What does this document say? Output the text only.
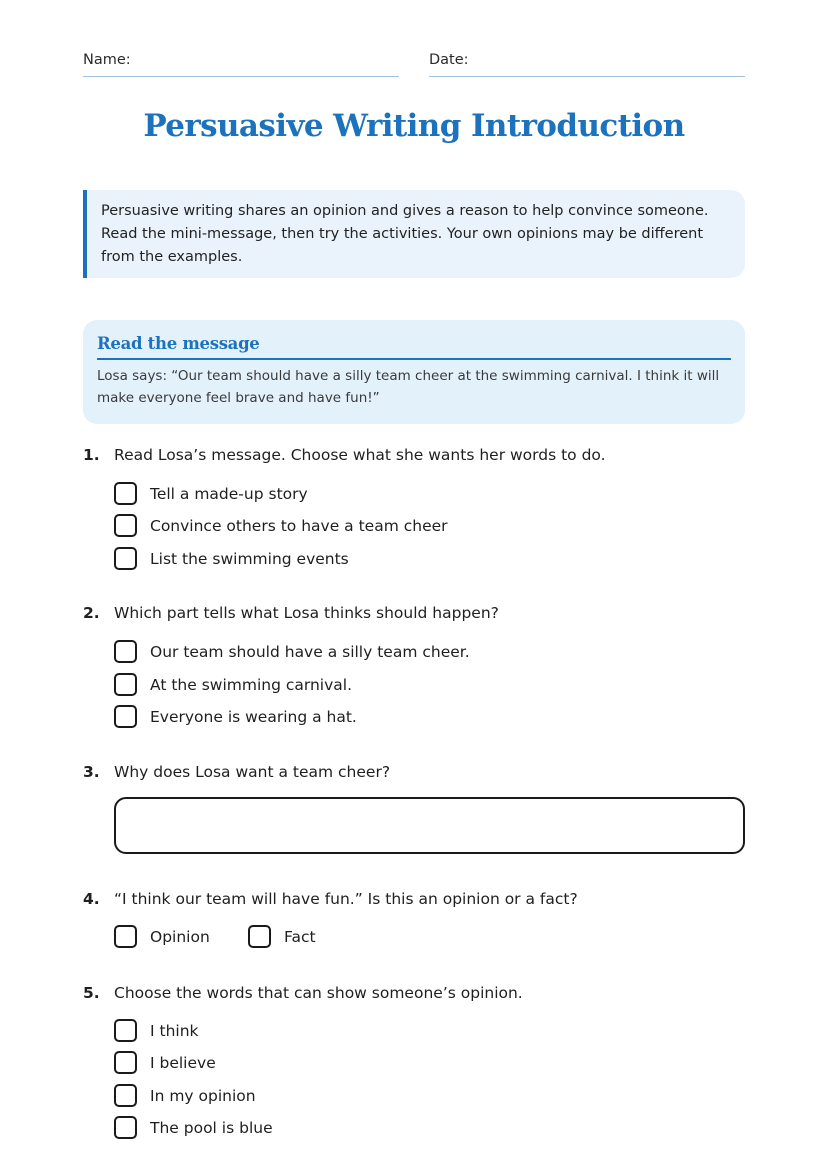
Name:	Date:
Persuasive Writing Introduction
Persuasive writing shares an opinion and gives a reason to help convince someone. Read the mini-message, then try the activities. Your own opinions may be different from the examples.
Read the message
Losa says: “Our team should have a silly team cheer at the swimming carnival. I think it will make everyone feel brave and have fun!”
1. Read Losa’s message. Choose what she wants her words to do.
Tell a made-up story
Convince others to have a team cheer
List the swimming events
2. Which part tells what Losa thinks should happen?
Our team should have a silly team cheer.
At the swimming carnival.
Everyone is wearing a hat.
3. Why does Losa want a team cheer?
4. “I think our team will have fun.” Is this an opinion or a fact?
Opinion	Fact
5. Choose the words that can show someone’s opinion.
I think
I believe
In my opinion
The pool is blue
